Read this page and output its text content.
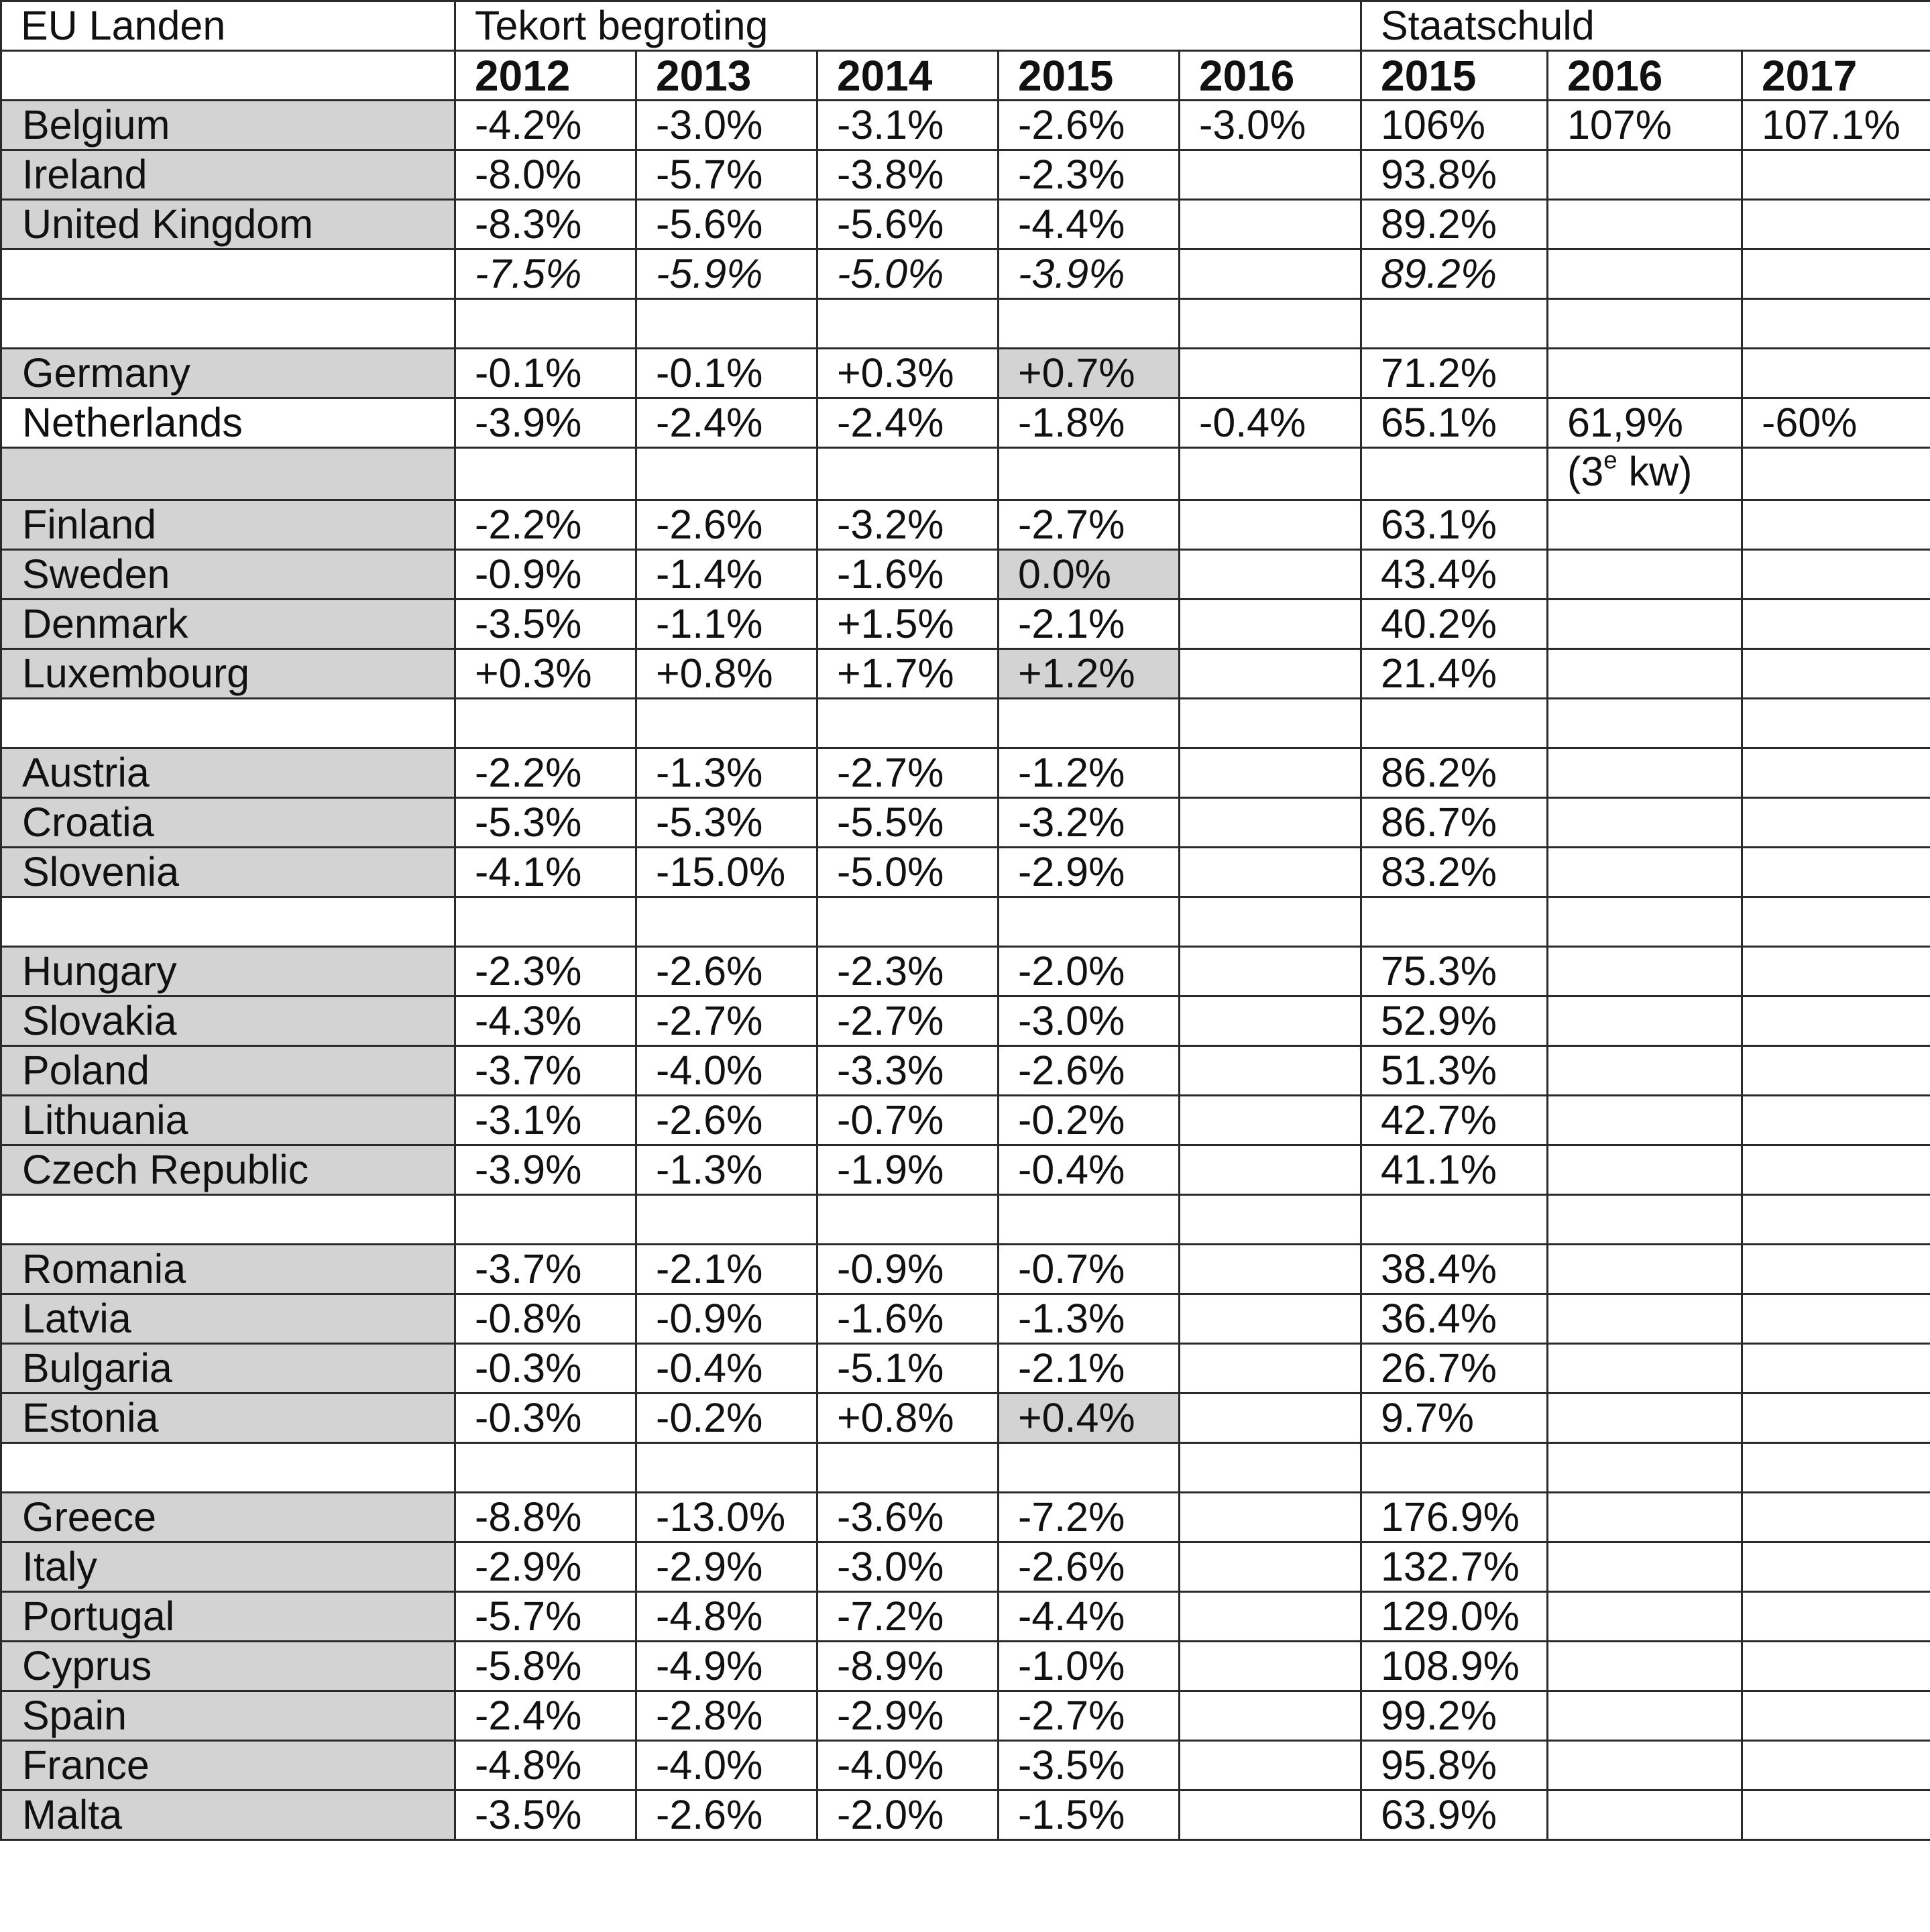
EU Landen	Tekort begroting					Staatschuld		
	2012	2013	2014	2015	2016	2015	2016	2017
Belgium	-4.2%	-3.0%	-3.1%	-2.6%	-3.0%	106%	107%	107.1%
Ireland	-8.0%	-5.7%	-3.8%	-2.3%		93.8%		
United Kingdom	-8.3%	-5.6%	-5.6%	-4.4%		89.2%		
	-7.5%	-5.9%	-5.0%	-3.9%		89.2%		

Germany	-0.1%	-0.1%	+0.3%	+0.7%		71.2%		
Netherlands	-3.9%	-2.4%	-2.4%	-1.8%	-0.4%	65.1%	61,9%	-60%
							(3e kw)	
Finland	-2.2%	-2.6%	-3.2%	-2.7%		63.1%		
Sweden	-0.9%	-1.4%	-1.6%	0.0%		43.4%		
Denmark	-3.5%	-1.1%	+1.5%	-2.1%		40.2%		
Luxembourg	+0.3%	+0.8%	+1.7%	+1.2%		21.4%		

Austria	-2.2%	-1.3%	-2.7%	-1.2%		86.2%		
Croatia	-5.3%	-5.3%	-5.5%	-3.2%		86.7%		
Slovenia	-4.1%	-15.0%	-5.0%	-2.9%		83.2%		

Hungary	-2.3%	-2.6%	-2.3%	-2.0%		75.3%		
Slovakia	-4.3%	-2.7%	-2.7%	-3.0%		52.9%		
Poland	-3.7%	-4.0%	-3.3%	-2.6%		51.3%		
Lithuania	-3.1%	-2.6%	-0.7%	-0.2%		42.7%		
Czech Republic	-3.9%	-1.3%	-1.9%	-0.4%		41.1%		

Romania	-3.7%	-2.1%	-0.9%	-0.7%		38.4%		
Latvia	-0.8%	-0.9%	-1.6%	-1.3%		36.4%		
Bulgaria	-0.3%	-0.4%	-5.1%	-2.1%		26.7%		
Estonia	-0.3%	-0.2%	+0.8%	+0.4%		9.7%		

Greece	-8.8%	-13.0%	-3.6%	-7.2%		176.9%		
Italy	-2.9%	-2.9%	-3.0%	-2.6%		132.7%		
Portugal	-5.7%	-4.8%	-7.2%	-4.4%		129.0%		
Cyprus	-5.8%	-4.9%	-8.9%	-1.0%		108.9%		
Spain	-2.4%	-2.8%	-2.9%	-2.7%		99.2%		
France	-4.8%	-4.0%	-4.0%	-3.5%		95.8%		
Malta	-3.5%	-2.6%	-2.0%	-1.5%		63.9%		
